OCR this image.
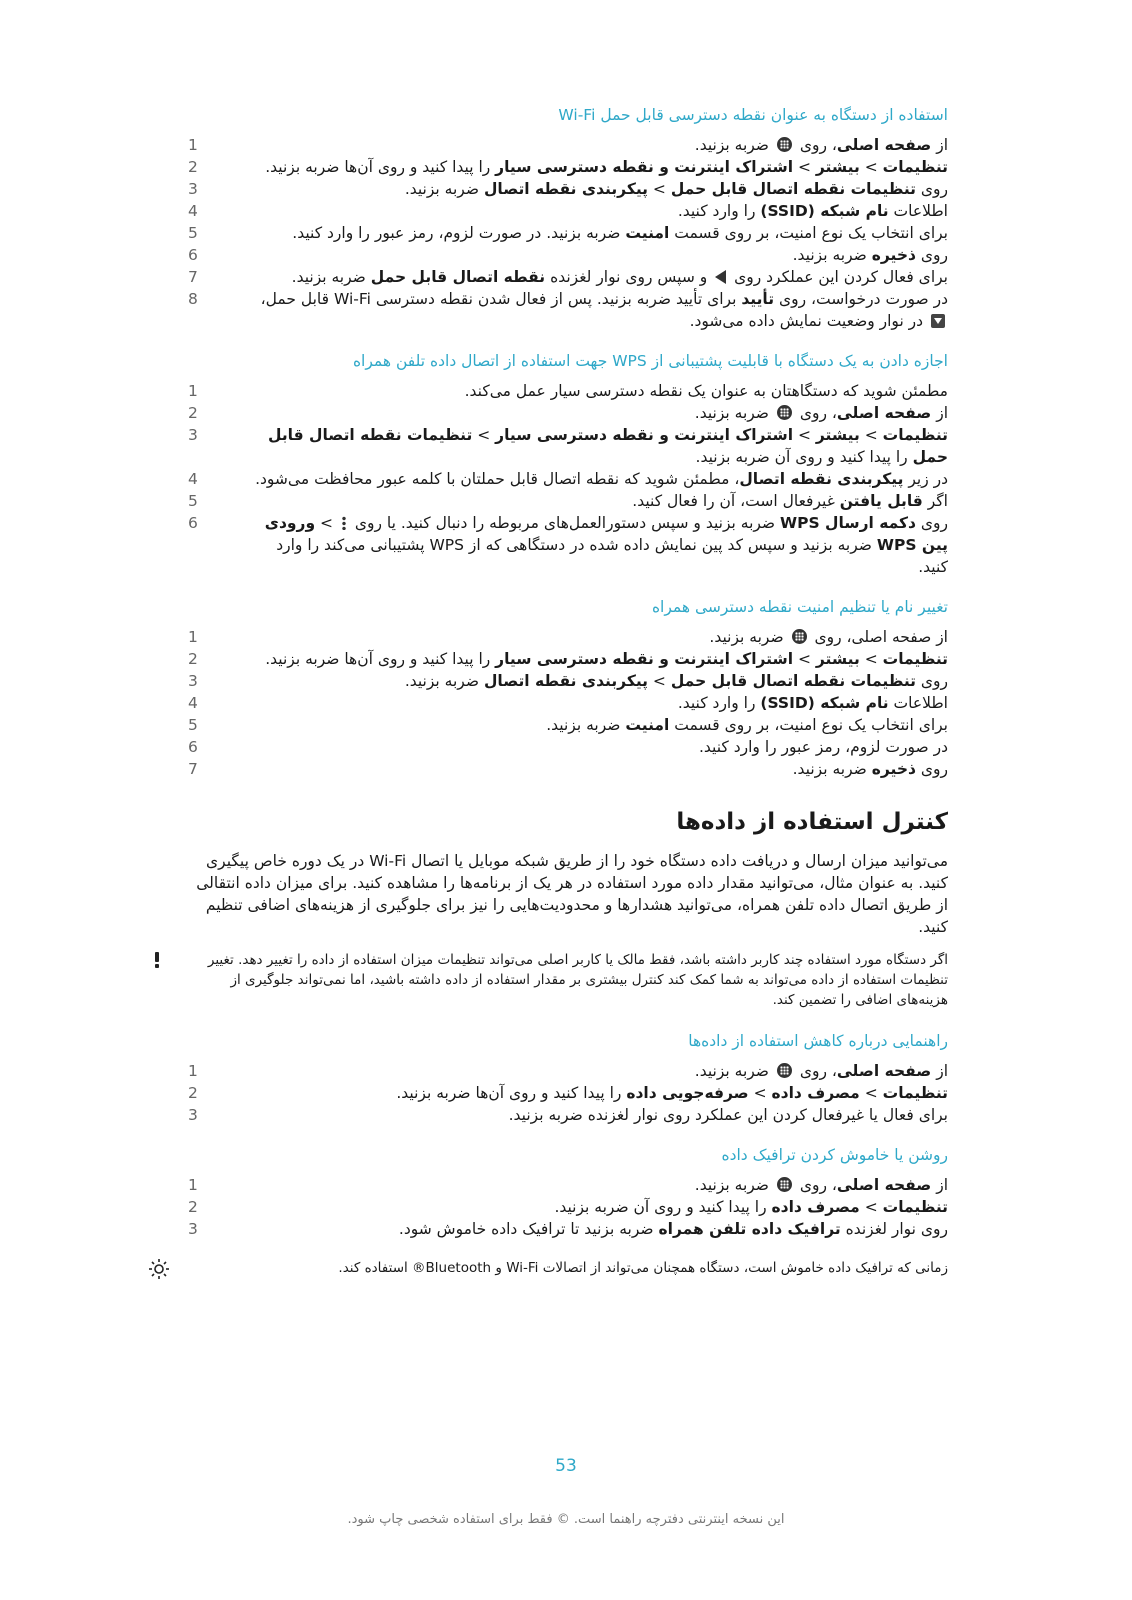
استفاده از دستگاه به عنوان نقطه دسترسی قابل حمل Wi-Fi
1	از صفحه اصلی، روی  ضربه بزنید.
2	تنظیمات > بیشتر > اشتراک اینترنت و نقطه دسترسی سیار را پیدا کنید و روی آن‌ها ضربه بزنید.
3	روی تنظیمات نقطه اتصال قابل حمل > پیکربندی نقطه اتصال ضربه بزنید.
4	اطلاعات نام شبکه (SSID) را وارد کنید.
5	برای انتخاب یک نوع امنیت، بر روی قسمت امنیت ضربه بزنید. در صورت لزوم، رمز عبور را وارد کنید.
6	روی ذخیره ضربه بزنید.
7	برای فعال کردن این عملکرد روی  و سپس روی نوار لغزنده نقطه اتصال قابل حمل ضربه بزنید.
8	در صورت درخواست، روی تأیید برای تأیید ضربه بزنید. پس از فعال شدن نقطه دسترسی Wi-Fi قابل حمل،  در نوار وضعیت نمایش داده می‌شود.
اجازه دادن به یک دستگاه با قابلیت پشتیبانی از WPS جهت استفاده از اتصال داده تلفن همراه
1	مطمئن شوید که دستگاهتان به عنوان یک نقطه دسترسی سیار عمل می‌کند.
2	از صفحه اصلی، روی  ضربه بزنید.
3	تنظیمات > بیشتر > اشتراک اینترنت و نقطه دسترسی سیار > تنظیمات نقطه اتصال قابل حمل را پیدا کنید و روی آن ضربه بزنید.
4	در زیر پیکربندی نقطه اتصال، مطمئن شوید که نقطه اتصال قابل حملتان با کلمه عبور محافظت می‌شود.
5	اگر قابل یافتن غیرفعال است، آن را فعال کنید.
6	روی دکمه ارسال WPS ضربه بزنید و سپس دستورالعمل‌های مربوطه را دنبال کنید. یا روی  > ورودی پین WPS ضربه بزنید و سپس کد پین نمایش داده شده در دستگاهی که از WPS پشتیبانی می‌کند را وارد کنید.
تغییر نام یا تنظیم امنیت نقطه دسترسی همراه
1	از صفحه اصلی، روی  ضربه بزنید.
2	تنظیمات > بیشتر > اشتراک اینترنت و نقطه دسترسی سیار را پیدا کنید و روی آن‌ها ضربه بزنید.
3	روی تنظیمات نقطه اتصال قابل حمل > پیکربندی نقطه اتصال ضربه بزنید.
4	اطلاعات نام شبکه (SSID) را وارد کنید.
5	برای انتخاب یک نوع امنیت، بر روی قسمت امنیت ضربه بزنید.
6	در صورت لزوم، رمز عبور را وارد کنید.
7	روی ذخیره ضربه بزنید.
کنترل استفاده از داده‌ها
می‌توانید میزان ارسال و دریافت داده دستگاه خود را از طریق شبکه موبایل یا اتصال Wi-Fi در یک دوره خاص پیگیری کنید. به عنوان مثال، می‌توانید مقدار داده مورد استفاده در هر یک از برنامه‌ها را مشاهده کنید. برای میزان داده انتقالی از طریق اتصال داده تلفن همراه، می‌توانید هشدارها و محدودیت‌هایی را نیز برای جلوگیری از هزینه‌های اضافی تنظیم کنید.
اگر دستگاه مورد استفاده چند کاربر داشته باشد، فقط مالک یا کاربر اصلی می‌تواند تنظیمات میزان استفاده از داده را تغییر دهد. تغییر تنظیمات استفاده از داده می‌تواند به شما کمک کند کنترل بیشتری بر مقدار استفاده از داده داشته باشید، اما نمی‌تواند جلوگیری از هزینه‌های اضافی را تضمین کند.
راهنمایی درباره کاهش استفاده از داده‌ها
1	از صفحه اصلی، روی  ضربه بزنید.
2	تنظیمات > مصرف داده > صرفه‌جویی داده را پیدا کنید و روی آن‌ها ضربه بزنید.
3	برای فعال یا غیرفعال کردن این عملکرد روی نوار لغزنده ضربه بزنید.
روشن یا خاموش کردن ترافیک داده
1	از صفحه اصلی، روی  ضربه بزنید.
2	تنظیمات > مصرف داده را پیدا کنید و روی آن ضربه بزنید.
3	روی نوار لغزنده ترافیک داده تلفن همراه ضربه بزنید تا ترافیک داده خاموش شود.
زمانی که ترافیک داده خاموش است، دستگاه همچنان می‌تواند از اتصالات Wi-Fi و Bluetooth® استفاده کند.
53
این نسخه اینترنتی دفترچه راهنما است. © فقط برای استفاده شخصی چاپ شود.
